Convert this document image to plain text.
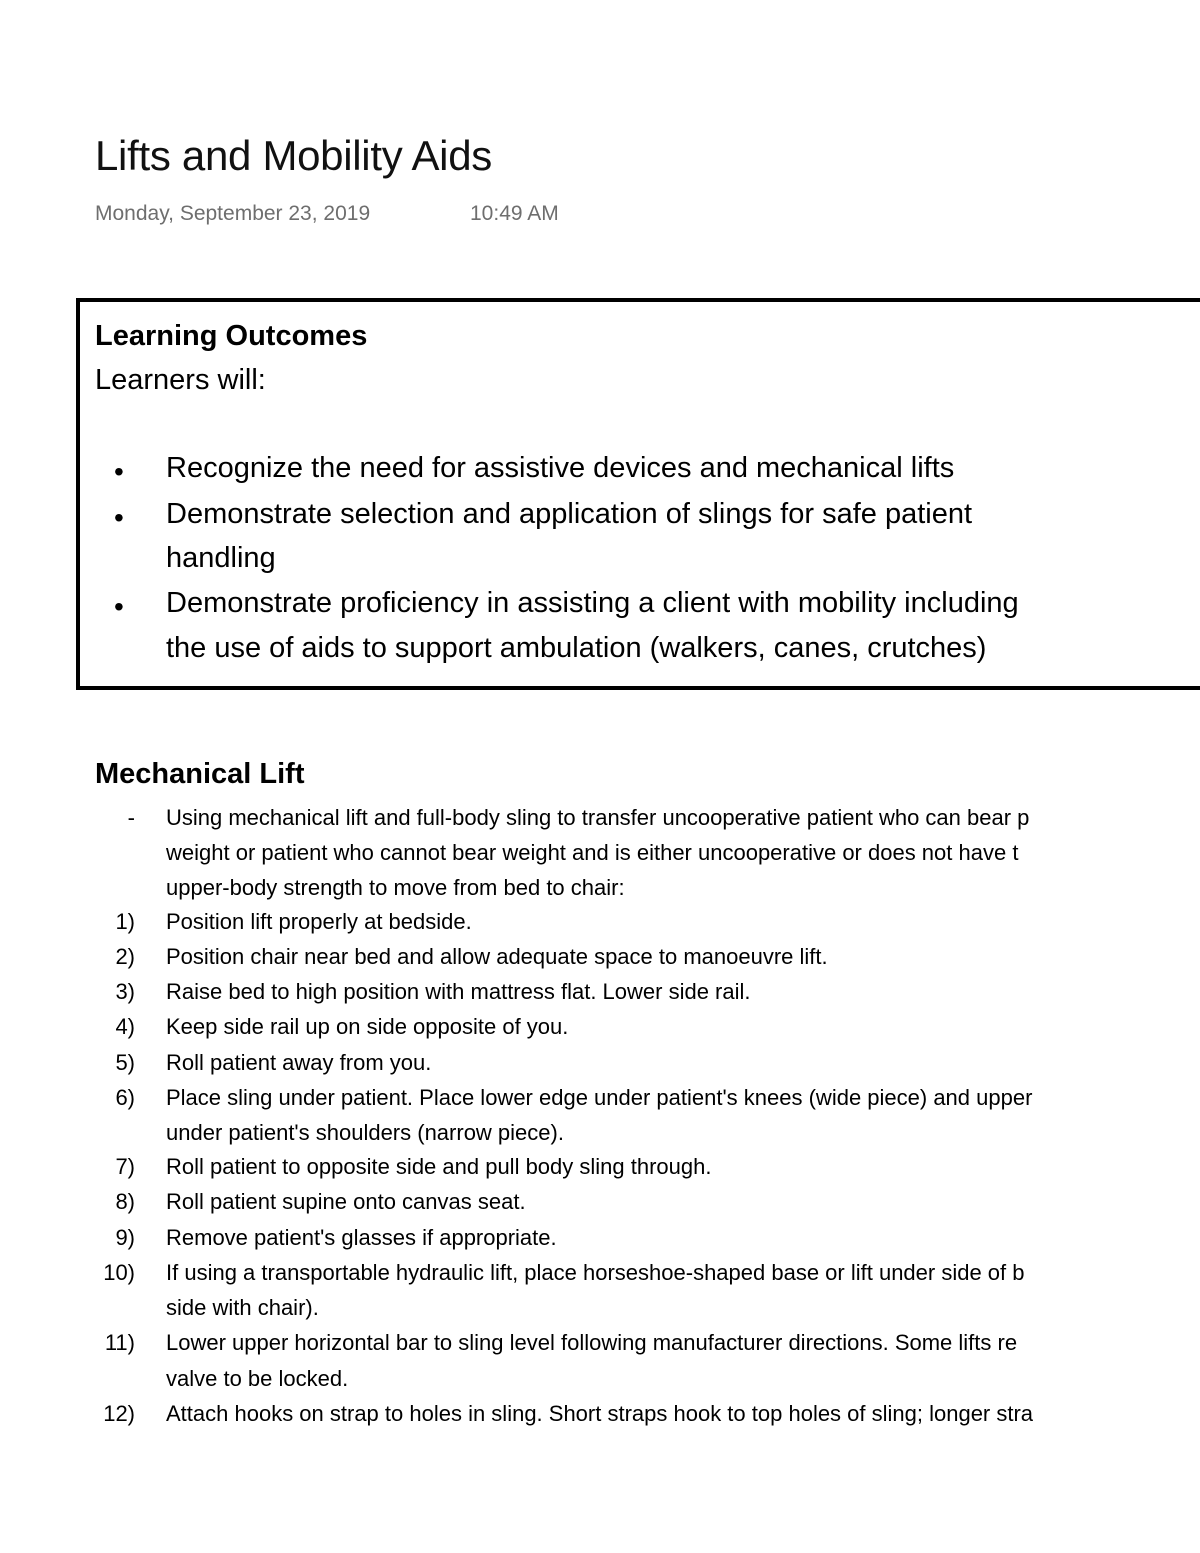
Lifts and Mobility Aids
Monday, September 23, 2019	10:49 AM
Learning Outcomes
Learners will:
• Recognize the need for assistive devices and mechanical lifts
• Demonstrate selection and application of slings for safe patient
handling
• Demonstrate proficiency in assisting a client with mobility including
the use of aids to support ambulation (walkers, canes, crutches)
Mechanical Lift
- Using mechanical lift and full-body sling to transfer uncooperative patient who can bear p
weight or patient who cannot bear weight and is either uncooperative or does not have t
upper-body strength to move from bed to chair:
1) Position lift properly at bedside.
2) Position chair near bed and allow adequate space to manoeuvre lift.
3) Raise bed to high position with mattress flat. Lower side rail.
4) Keep side rail up on side opposite of you.
5) Roll patient away from you.
6) Place sling under patient. Place lower edge under patient's knees (wide piece) and upper
under patient's shoulders (narrow piece).
7) Roll patient to opposite side and pull body sling through.
8) Roll patient supine onto canvas seat.
9) Remove patient's glasses if appropriate.
10) If using a transportable hydraulic lift, place horseshoe-shaped base or lift under side of b
side with chair).
11) Lower upper horizontal bar to sling level following manufacturer directions. Some lifts re
valve to be locked.
12) Attach hooks on strap to holes in sling. Short straps hook to top holes of sling; longer stra
